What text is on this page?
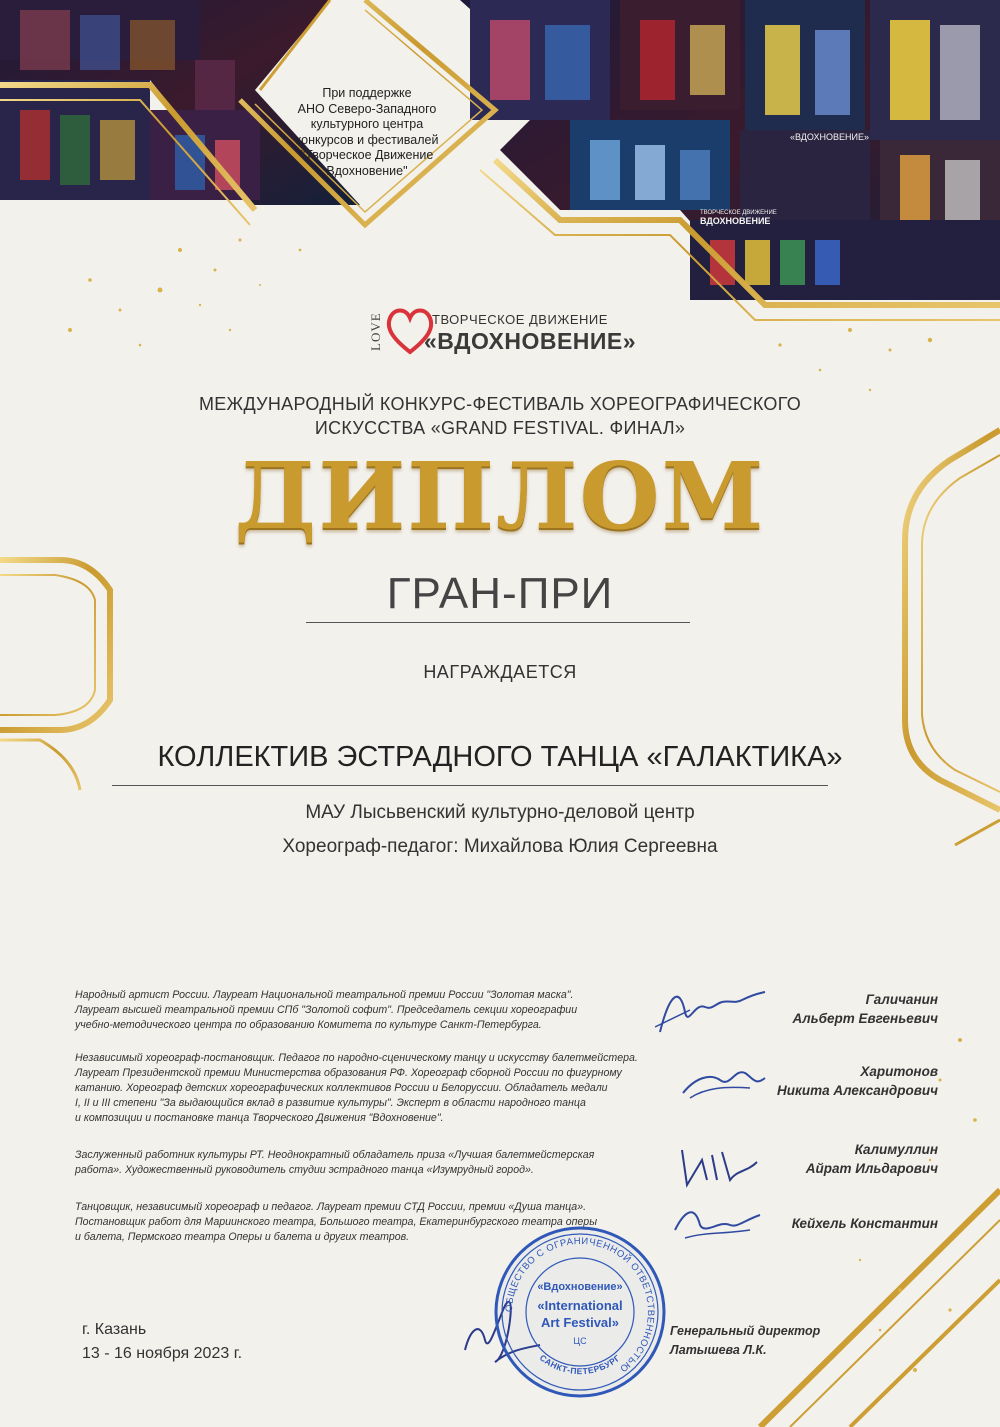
«ВДОХНОВЕНИЕ»
ТВОРЧЕСКОЕ ДВИЖЕНИЕ
ВДОХНОВЕНИЕ
При поддержке
АНО Северо-Западного
культурного центра
конкурсов и фестивалей
"Творческое Движение
Вдохновение"
LOVE	ТВОРЧЕСКОЕ ДВИЖЕНИЕ
«ВДОХНОВЕНИЕ»
МЕЖДУНАРОДНЫЙ КОНКУРС-ФЕСТИВАЛЬ ХОРЕОГРАФИЧЕСКОГО
ИСКУССТВА «GRAND FESTIVAL. ФИНАЛ»
ДИПЛОМ
ГРАН-ПРИ
НАГРАЖДАЕТСЯ
КОЛЛЕКТИВ ЭСТРАДНОГО ТАНЦА «ГАЛАКТИКА»
МАУ Лысьвенский культурно-деловой центр
Хореограф-педагог: Михайлова Юлия Сергеевна
Народный артист России. Лауреат Национальной театральной премии России "Золотая маска".
Лауреат высшей театральной премии СПб "Золотой софит". Председатель секции хореографии
учебно-методического центра по образованию Комитета по культуре Санкт-Петербурга.
Галичанин
Альберт Евгеньевич
Независимый хореограф-постановщик. Педагог по народно-сценическому танцу и искусству балетмейстера.
Лауреат Президентской премии Министерства образования РФ. Хореограф сборной России по фигурному
катанию. Хореограф детских хореографических коллективов России и Белоруссии. Обладатель медали
I, II и III степени "За выдающийся вклад в развитие культуры". Эксперт в области народного танца
и композиции и постановке танца Творческого Движения "Вдохновение".
Харитонов
Никита Александрович
Заслуженный работник культуры РТ. Неоднократный обладатель приза «Лучшая балетмейстерская
работа». Художественный руководитель студии эстрадного танца «Изумрудный город».
Калимуллин
Айрат Ильдарович
Танцовщик, независимый хореограф и педагог. Лауреат премии СТД России, премии «Душа танца».
Постановщик работ для Мариинского театра, Большого театра, Екатеринбургского театра оперы
и балета, Пермского театра Оперы и балета и других театров.
Кейхель Константин
г. Казань
13 - 16 ноября 2023 г.
ОБЩЕСТВО С ОГРАНИЧЕННОЙ ОТВЕТСТВЕННОСТЬЮ
САНКТ-ПЕТЕРБУРГ
«Вдохновение»
«International
Art Festival»
ЦС
Генеральный директор
Латышева Л.К.
